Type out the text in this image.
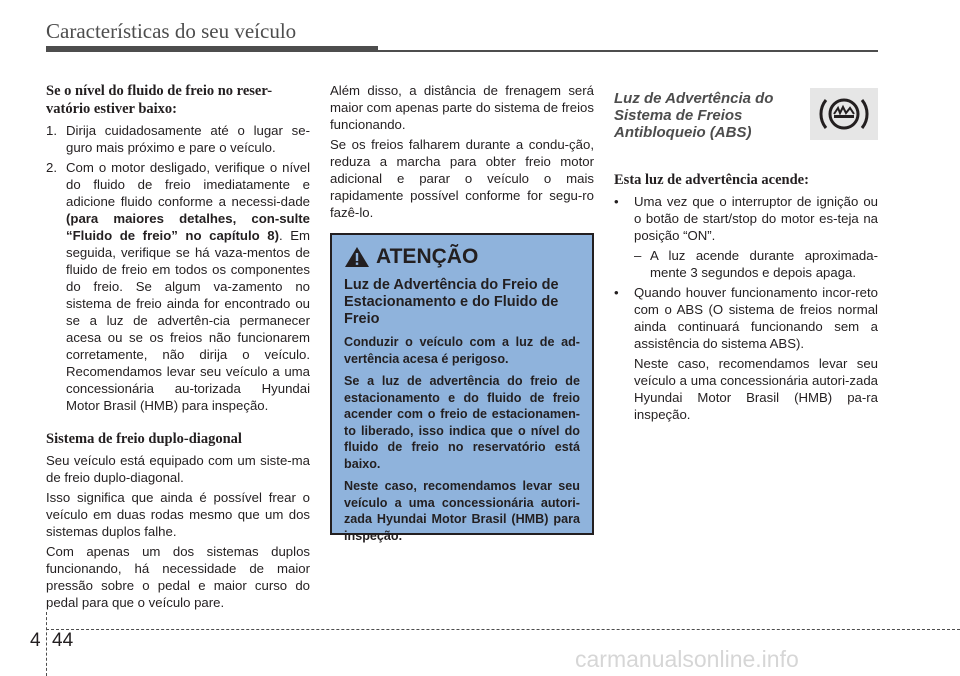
Características do seu veículo
Se o nível do fluido de freio no reser-vatório estiver baixo:
1. Dirija cuidadosamente até o lugar se-guro mais próximo e pare o veículo.
2. Com o motor desligado, verifique o nível do fluido de freio imediatamente e adicione fluido conforme a necessi-dade (para maiores detalhes, con-sulte “Fluido de freio” no capítulo 8). Em seguida, verifique se há vaza-mentos de fluido de freio em todos os componentes do freio. Se algum va-zamento no sistema de freio ainda for encontrado ou se a luz de advertên-cia permanecer acesa ou se os freios não funcionarem corretamente, não dirija o veículo. Recomendamos levar seu veículo a uma concessionária au-torizada Hyundai Motor Brasil (HMB) para inspeção.
Sistema de freio duplo-diagonal

Seu veículo está equipado com um siste-ma de freio duplo-diagonal.

Isso significa que ainda é possível frear o veículo em duas rodas mesmo que um dos sistemas duplos falhe.

Com apenas um dos sistemas duplos funcionando, há necessidade de maior pressão sobre o pedal e maior curso do pedal para que o veículo pare.

Além disso, a distância de frenagem será maior com apenas parte do sistema de freios funcionando.

Se os freios falharem durante a condu-ção, reduza a marcha para obter freio motor adicional e parar o veículo o mais rapidamente possível conforme for segu-ro fazê-lo.

ATENÇÃO
Luz de Advertência do Freio de Estacionamento e do Fluido de Freio
Conduzir o veículo com a luz de ad-vertência acesa é perigoso.
Se a luz de advertência do freio de estacionamento e do fluido de freio acender com o freio de estacionamen-to liberado, isso indica que o nível do fluido de freio no reservatório está baixo.
Neste caso, recomendamos levar seu veículo a uma concessionária autori-zada Hyundai Motor Brasil (HMB) para inspeção.
Luz de Advertência do Sistema de Freios Antibloqueio (ABS)
Esta luz de advertência acende:
•	Uma vez que o interruptor de ignição ou o botão de start/stop do motor es-teja na posição “ON”.
– A luz acende durante aproximada-mente 3 segundos e depois apaga.
•	Quando houver funcionamento incor-reto com o ABS (O sistema de freios normal ainda continuará funcionando sem a assistência do sistema ABS).
Neste caso, recomendamos levar seu veículo a uma concessionária autori-zada Hyundai Motor Brasil (HMB) pa-ra inspeção.
4 44
carmanualsonline.info
